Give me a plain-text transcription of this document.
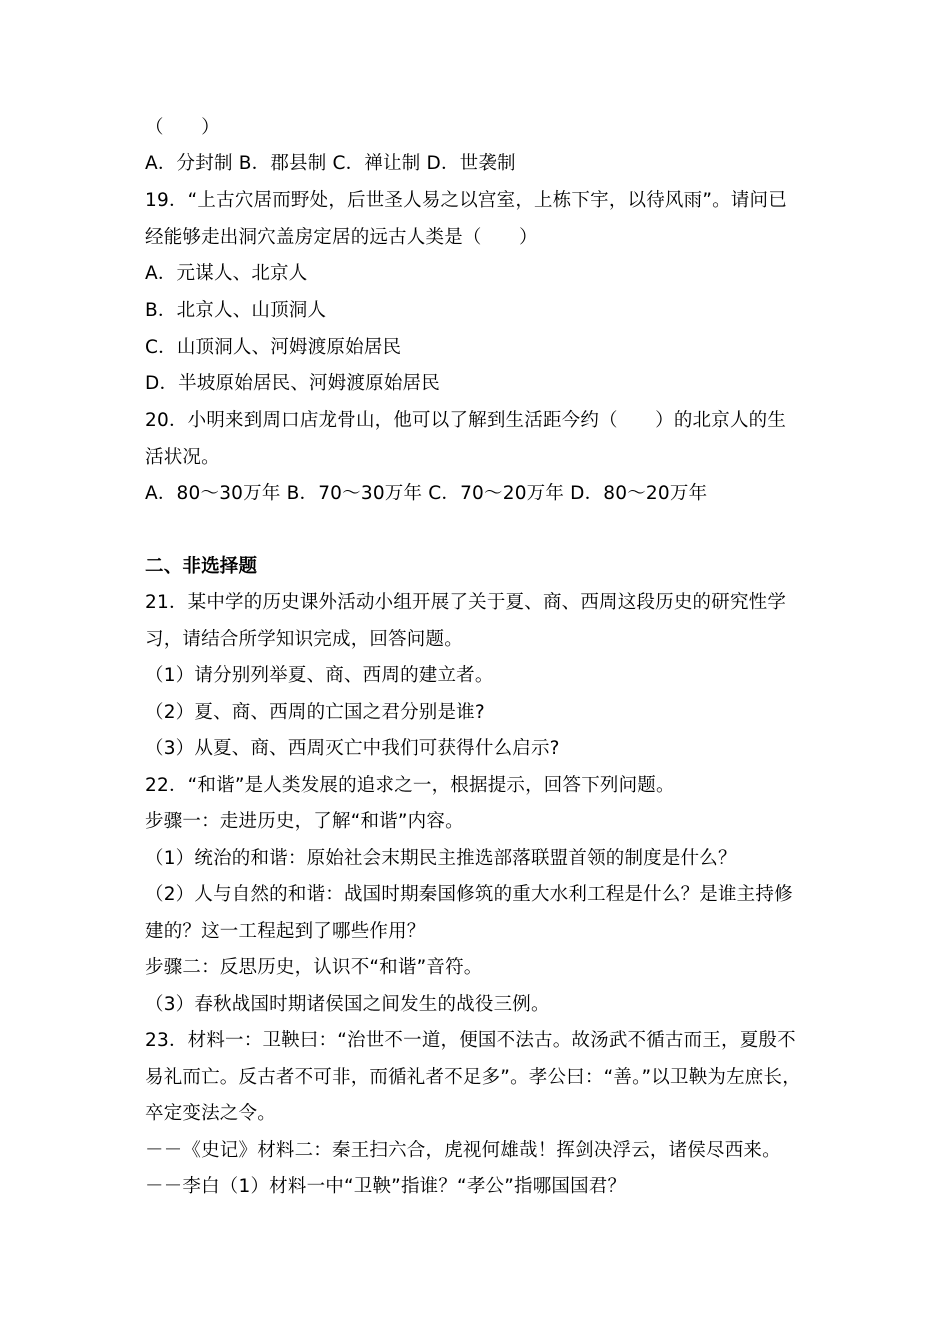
（　　）
A．分封制 B．郡县制 C．禅让制 D．世袭制
19．“上古穴居而野处，后世圣人易之以宫室，上栋下宇，以待风雨”。请问已
经能够走出洞穴盖房定居的远古人类是（　　）
A．元谋人、北京人
B．北京人、山顶洞人
C．山顶洞人、河姆渡原始居民
D．半坡原始居民、河姆渡原始居民
20．小明来到周口店龙骨山，他可以了解到生活距今约（　　）的北京人的生
活状况。
A．80～30万年 B．70～30万年 C．70～20万年 D．80～20万年
二、非选择题
21．某中学的历史课外活动小组开展了关于夏、商、西周这段历史的研究性学
习，请结合所学知识完成，回答问题。
（1）请分别列举夏、商、西周的建立者。
（2）夏、商、西周的亡国之君分别是谁?
（3）从夏、商、西周灭亡中我们可获得什么启示?
22．“和谐”是人类发展的追求之一，根据提示，回答下列问题。
步骤一：走进历史，了解“和谐”内容。
（1）统治的和谐：原始社会末期民主推选部落联盟首领的制度是什么？
（2）人与自然的和谐：战国时期秦国修筑的重大水利工程是什么？是谁主持修
建的？这一工程起到了哪些作用？
步骤二：反思历史，认识不“和谐”音符。
（3）春秋战国时期诸侯国之间发生的战役三例。
23．材料一：卫鞅曰：“治世不一道，便国不法古。故汤武不循古而王，夏殷不
易礼而亡。反古者不可非，而循礼者不足多”。孝公曰：“善。”以卫鞅为左庶长，
卒定变法之令。
－－《史记》材料二：秦王扫六合，虎视何雄哉！挥剑决浮云，诸侯尽西来。
－－李白（1）材料一中“卫鞅”指谁？“孝公”指哪国国君？
